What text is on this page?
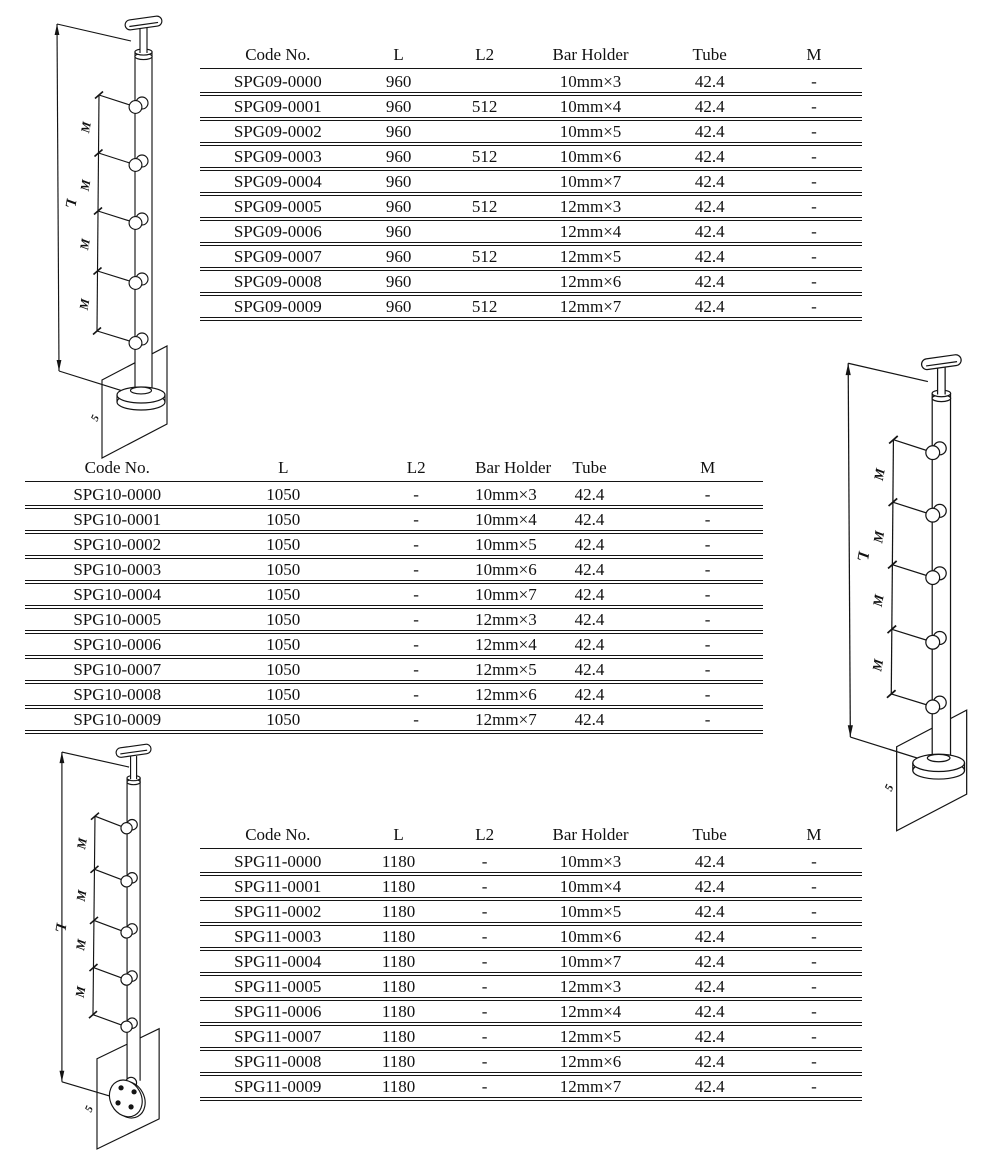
L
M
M
M
M
5
Code No.	L	L2	Bar Holder	Tube	M
SPG09-0000	960		10mm×3	42.4	-
SPG09-0001	960	512	10mm×4	42.4	-
SPG09-0002	960		10mm×5	42.4	-
SPG09-0003	960	512	10mm×6	42.4	-
SPG09-0004	960		10mm×7	42.4	-
SPG09-0005	960	512	12mm×3	42.4	-
SPG09-0006	960		12mm×4	42.4	-
SPG09-0007	960	512	12mm×5	42.4	-
SPG09-0008	960		12mm×6	42.4	-
SPG09-0009	960	512	12mm×7	42.4	-
L
M
M
M
M
5
Code No.	L	L2	Bar Holder	Tube	M
SPG10-0000	1050	-	10mm×3	42.4	-
SPG10-0001	1050	-	10mm×4	42.4	-
SPG10-0002	1050	-	10mm×5	42.4	-
SPG10-0003	1050	-	10mm×6	42.4	-
SPG10-0004	1050	-	10mm×7	42.4	-
SPG10-0005	1050	-	12mm×3	42.4	-
SPG10-0006	1050	-	12mm×4	42.4	-
SPG10-0007	1050	-	12mm×5	42.4	-
SPG10-0008	1050	-	12mm×6	42.4	-
SPG10-0009	1050	-	12mm×7	42.4	-
L
M
M
M
M
5
Code No.	L	L2	Bar Holder	Tube	M
SPG11-0000	1180	-	10mm×3	42.4	-
SPG11-0001	1180	-	10mm×4	42.4	-
SPG11-0002	1180	-	10mm×5	42.4	-
SPG11-0003	1180	-	10mm×6	42.4	-
SPG11-0004	1180	-	10mm×7	42.4	-
SPG11-0005	1180	-	12mm×3	42.4	-
SPG11-0006	1180	-	12mm×4	42.4	-
SPG11-0007	1180	-	12mm×5	42.4	-
SPG11-0008	1180	-	12mm×6	42.4	-
SPG11-0009	1180	-	12mm×7	42.4	-
